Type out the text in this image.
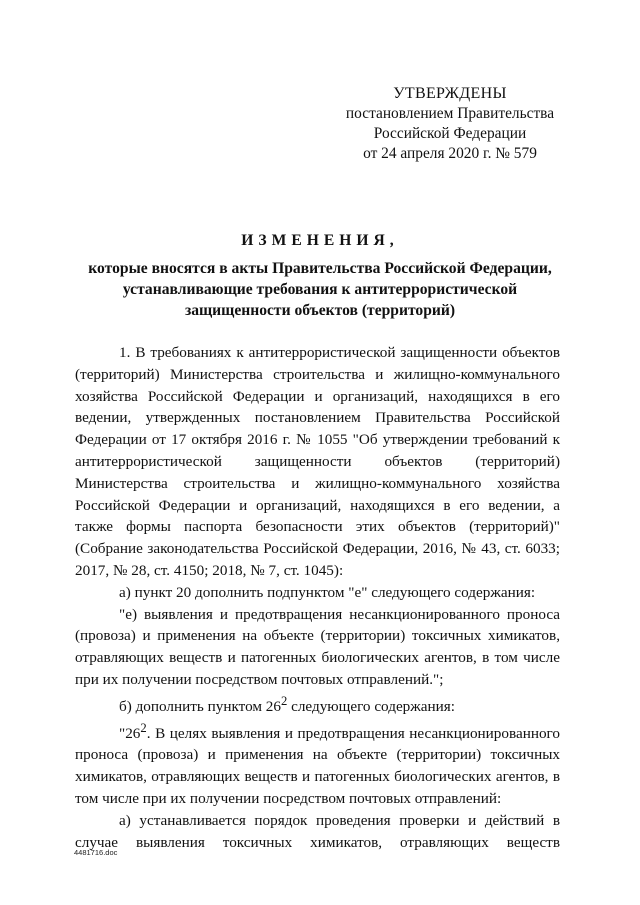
УТВЕРЖДЕНЫ
постановлением Правительства
Российской Федерации
от 24 апреля 2020 г. № 579
ИЗМЕНЕНИЯ,
которые вносятся в акты Правительства Российской Федерации,
устанавливающие требования к антитеррористической
защищенности объектов (территорий)

1. В требованиях к антитеррористической защищенности объектов (территорий) Министерства строительства и жилищно-коммунального хозяйства Российской Федерации и организаций, находящихся в его ведении, утвержденных постановлением Правительства Российской Федерации от 17 октября 2016 г. № 1055 "Об утверждении требований к антитеррористической защищенности объектов (территорий) Министерства строительства и жилищно-коммунального хозяйства Российской Федерации и организаций, находящихся в его ведении, а также формы паспорта безопасности этих объектов (территорий)" (Собрание законодательства Российской Федерации, 2016, № 43, ст. 6033; 2017, № 28, ст. 4150; 2018, № 7, ст. 1045):

а) пункт 20 дополнить подпунктом "е" следующего содержания:

"е) выявления и предотвращения несанкционированного проноса (провоза) и применения на объекте (территории) токсичных химикатов, отравляющих веществ и патогенных биологических агентов, в том числе при их получении посредством почтовых отправлений.";

б) дополнить пунктом $26^2$ следующего содержания:

"$26^2$. В целях выявления и предотвращения несанкционированного проноса (провоза) и применения на объекте (территории) токсичных химикатов, отравляющих веществ и патогенных биологических агентов, в том числе при их получении посредством почтовых отправлений:

а) устанавливается порядок проведения проверки и действий в случае выявления токсичных химикатов, отравляющих веществ

4481716.doc
